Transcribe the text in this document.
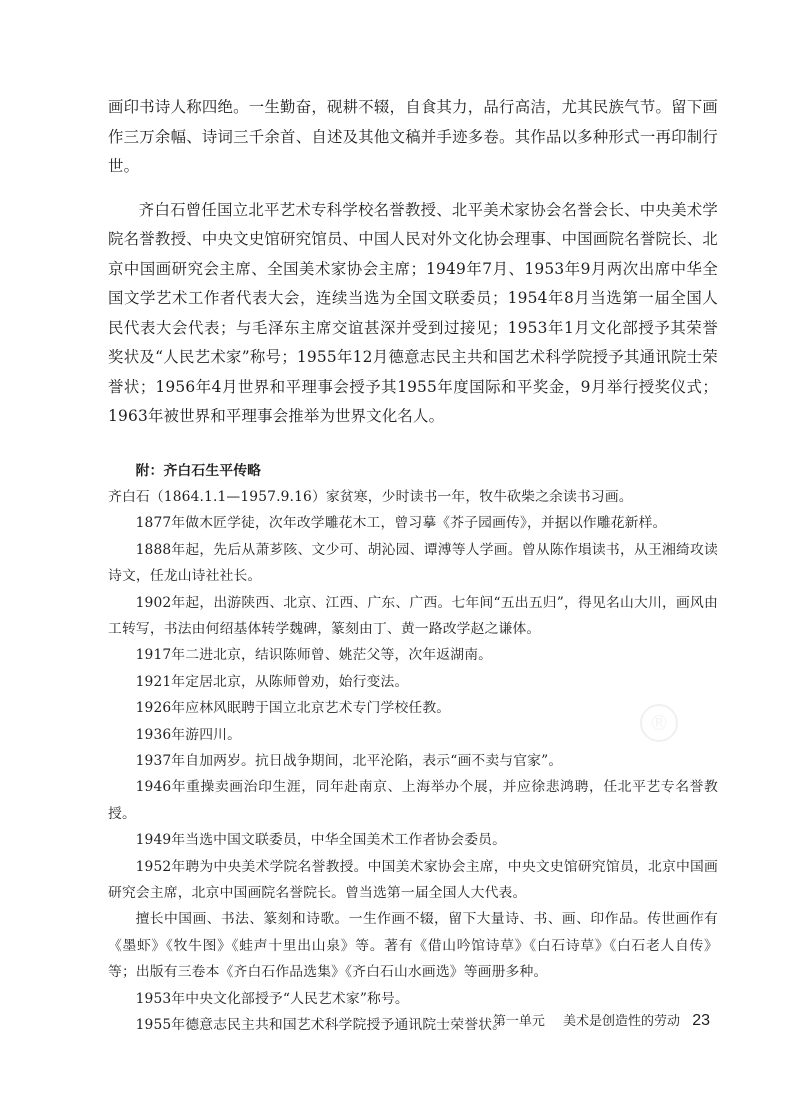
®

画印书诗人称四绝。一生勤奋，砚耕不辍，自食其力，品行高洁，尤其民族气节。留下画作三万余幅、诗词三千余首、自述及其他文稿并手迹多卷。其作品以多种形式一再印制行世。

齐白石曾任国立北平艺术专科学校名誉教授、北平美术家协会名誉会长、中央美术学院名誉教授、中央文史馆研究馆员、中国人民对外文化协会理事、中国画院名誉院长、北京中国画研究会主席、全国美术家协会主席；1949年7月、1953年9月两次出席中华全国文学艺术工作者代表大会，连续当选为全国文联委员；1954年8月当选第一届全国人民代表大会代表；与毛泽东主席交谊甚深并受到过接见；1953年1月文化部授予其荣誉奖状及“人民艺术家”称号；1955年12月德意志民主共和国艺术科学院授予其通讯院士荣誉状；1956年4月世界和平理事会授予其1955年度国际和平奖金，9月举行授奖仪式；1963年被世界和平理事会推举为世界文化名人。

附：齐白石生平传略

齐白石（1864.1.1—1957.9.16）家贫寒，少时读书一年，牧牛砍柴之余读书习画。

1877年做木匠学徒，次年改学雕花木工，曾习摹《芥子园画传》，并据以作雕花新样。

1888年起，先后从萧芗陔、文少可、胡沁园、谭溥等人学画。曾从陈作塤读书，从王湘绮攻读诗文，任龙山诗社社长。

1902年起，出游陕西、北京、江西、广东、广西。七年间“五出五归”，得见名山大川，画风由工转写，书法由何绍基体转学魏碑，篆刻由丁、黄一路改学赵之谦体。

1917年二进北京，结识陈师曾、姚茫父等，次年返湖南。

1921年定居北京，从陈师曾劝，始行变法。

1926年应林风眠聘于国立北京艺术专门学校任教。

1936年游四川。

1937年自加两岁。抗日战争期间，北平沦陷，表示“画不卖与官家”。

1946年重操卖画治印生涯，同年赴南京、上海举办个展，并应徐悲鸿聘，任北平艺专名誉教授。

1949年当选中国文联委员，中华全国美术工作者协会委员。

1952年聘为中央美术学院名誉教授。中国美术家协会主席，中央文史馆研究馆员，北京中国画研究会主席，北京中国画院名誉院长。曾当选第一届全国人大代表。

擅长中国画、书法、篆刻和诗歌。一生作画不辍，留下大量诗、书、画、印作品。传世画作有《墨虾》《牧牛图》《蛙声十里出山泉》等。著有《借山吟馆诗草》《白石诗草》《白石老人自传》等；出版有三卷本《齐白石作品选集》《齐白石山水画选》等画册多种。

1953年中央文化部授予“人民艺术家”称号。

1955年德意志民主共和国艺术科学院授予通讯院士荣誉状。

第一单元 美术是创造性的劳动 23
